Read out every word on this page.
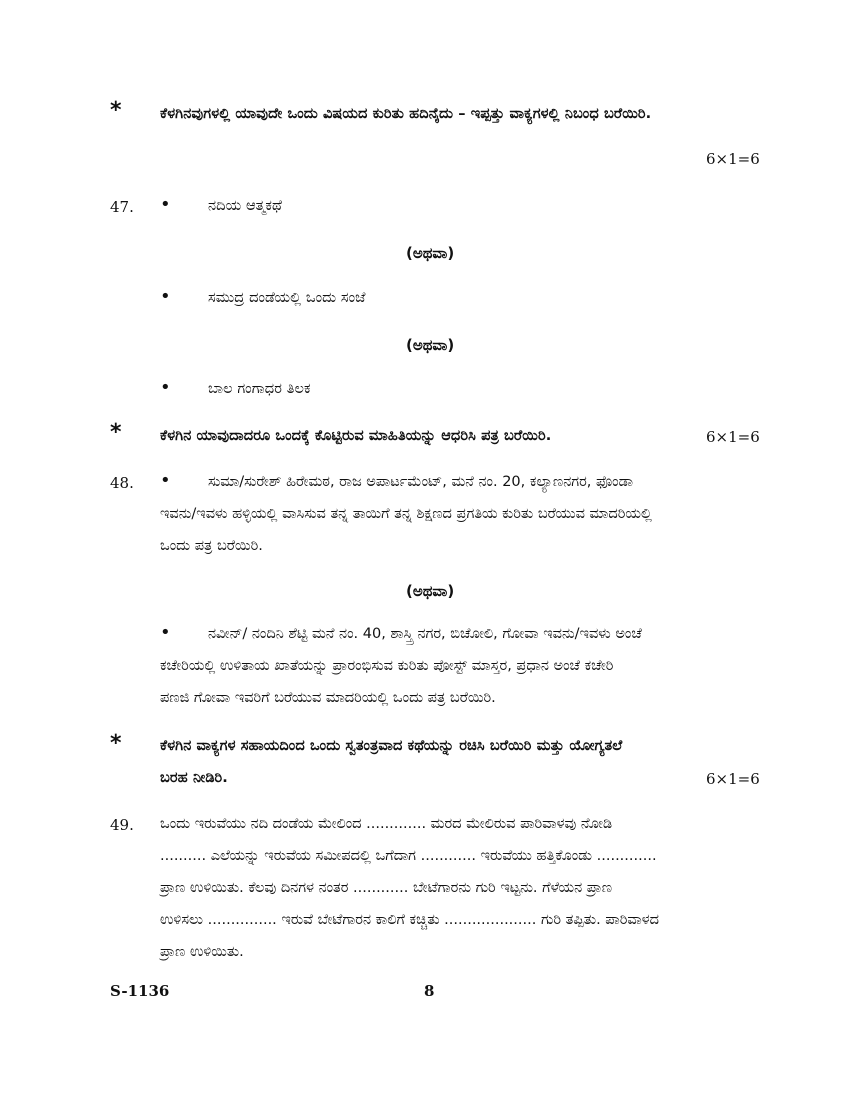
*	ಕೆಳಗಿನವುಗಳಲ್ಲಿ ಯಾವುದೇ ಒಂದು ವಿಷಯದ ಕುರಿತು ಹದಿನೈದು – ಇಪ್ಪತ್ತು ವಾಕ್ಯಗಳಲ್ಲಿ ನಿಬಂಧ ಬರೆಯಿರಿ.
6×1=6
47. •	ನದಿಯ ಆತ್ಮಕಥೆ
(ಅಥವಾ)
•	ಸಮುದ್ರ ದಂಡೆಯಲ್ಲಿ ಒಂದು ಸಂಜೆ
(ಅಥವಾ)
•	ಬಾಲ ಗಂಗಾಧರ ತಿಲಕ
*	ಕೆಳಗಿನ ಯಾವುದಾದರೂ ಒಂದಕ್ಕೆ ಕೊಟ್ಟಿರುವ ಮಾಹಿತಿಯನ್ನು ಆಧರಿಸಿ ಪತ್ರ ಬರೆಯಿರಿ.	6×1=6
48. •	ಸುಮಾ/ಸುರೇಶ್ ಹಿರೇಮಠ, ರಾಜ ಅಪಾರ್ಟಮೆಂಟ್, ಮನೆ ನಂ. 20, ಕಲ್ಯಾಣನಗರ, ಫೊಂಡಾ
ಇವನು/ಇವಳು ಹಳ್ಳಿಯಲ್ಲಿ ವಾಸಿಸುವ ತನ್ನ ತಾಯಿಗೆ ತನ್ನ ಶಿಕ್ಷಣದ ಪ್ರಗತಿಯ ಕುರಿತು ಬರೆಯುವ ಮಾದರಿಯಲ್ಲಿ
ಒಂದು ಪತ್ರ ಬರೆಯಿರಿ.
(ಅಥವಾ)
•	ನವೀನ್/ ನಂದಿನಿ ಶೆಟ್ಟಿ ಮನೆ ನಂ. 40, ಶಾಸ್ತ್ರಿ ನಗರ, ಬಿಚೋಲಿ, ಗೋವಾ ಇವನು/ಇವಳು ಅಂಚೆ
ಕಚೇರಿಯಲ್ಲಿ ಉಳಿತಾಯ ಖಾತೆಯನ್ನು ಪ್ರಾರಂಭಿಸುವ ಕುರಿತು ಪೋಸ್ಟ್ ಮಾಸ್ತರ, ಪ್ರಧಾನ ಅಂಚೆ ಕಚೇರಿ
ಪಣಜಿ ಗೋವಾ ಇವರಿಗೆ ಬರೆಯುವ ಮಾದರಿಯಲ್ಲಿ ಒಂದು ಪತ್ರ ಬರೆಯಿರಿ.
*	ಕೆಳಗಿನ ವಾಕ್ಯಗಳ ಸಹಾಯದಿಂದ ಒಂದು ಸ್ವತಂತ್ರವಾದ ಕಥೆಯನ್ನು ರಚಿಸಿ ಬರೆಯಿರಿ ಮತ್ತು ಯೋಗ್ಯತಲೆ
ಬರಹ ನೀಡಿರಿ.	6×1=6
49. ಒಂದು ಇರುವೆಯು ನದಿ ದಂಡೆಯ ಮೇಲಿಂದ ............. ಮರದ ಮೇಲಿರುವ ಪಾರಿವಾಳವು ನೋಡಿ
.......... ಎಲೆಯನ್ನು ಇರುವೆಯ ಸಮೀಪದಲ್ಲಿ ಒಗೆದಾಗ ............ ಇರುವೆಯು ಹತ್ತಿಕೊಂಡು .............
ಪ್ರಾಣ ಉಳಿಯಿತು. ಕೆಲವು ದಿನಗಳ ನಂತರ ............ ಬೇಟೆಗಾರನು ಗುರಿ ಇಟ್ಟನು. ಗೆಳೆಯನ ಪ್ರಾಣ
ಉಳಿಸಲು ............... ಇರುವೆ ಬೇಟೆಗಾರನ ಕಾಲಿಗೆ ಕಚ್ಚಿತು .................... ಗುರಿ ತಪ್ಪಿತು. ಪಾರಿವಾಳದ
ಪ್ರಾಣ ಉಳಿಯಿತು.
S-1136	8
